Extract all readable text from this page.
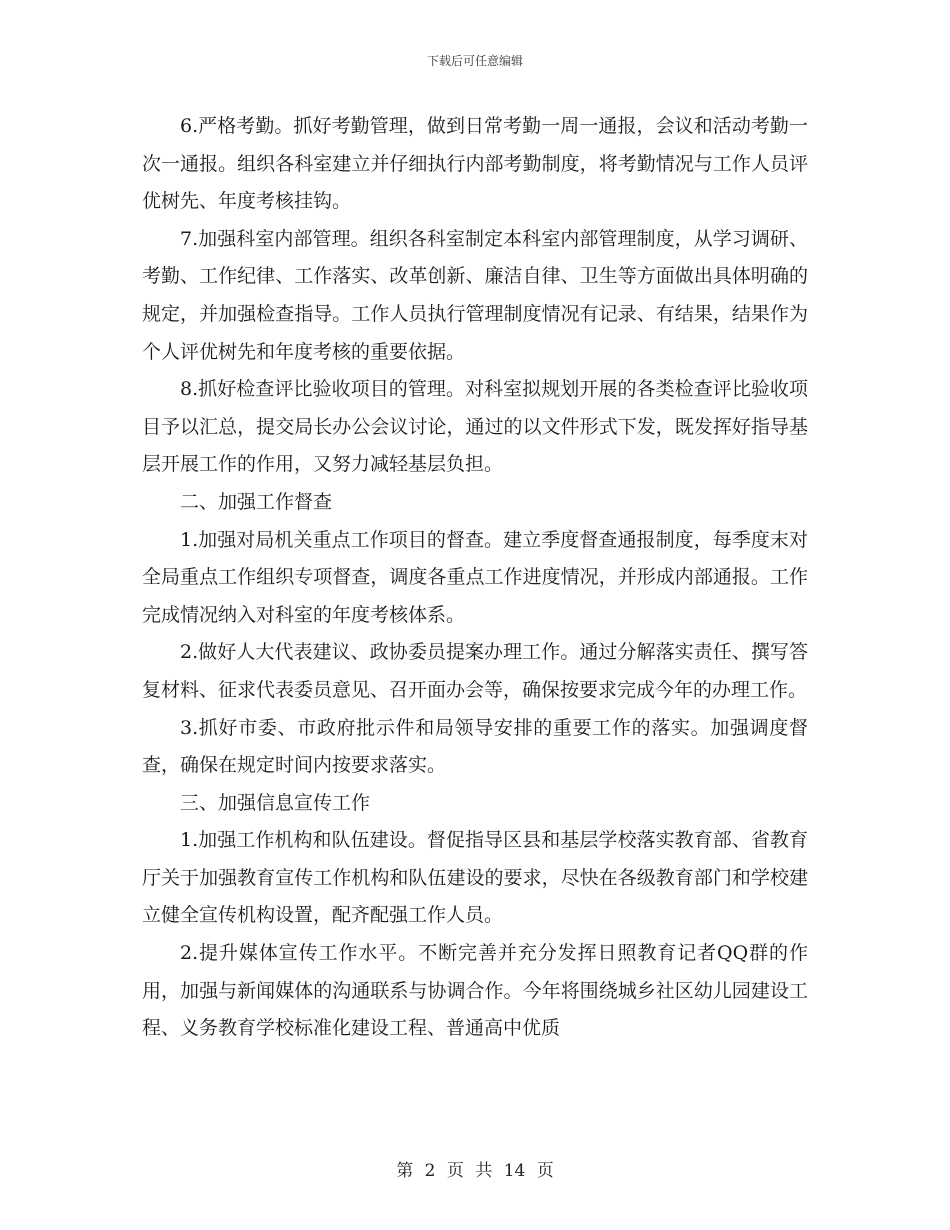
下载后可任意编辑

6.严格考勤。抓好考勤管理，做到日常考勤一周一通报，会议和活动考勤一次一通报。组织各科室建立并仔细执行内部考勤制度，将考勤情况与工作人员评优树先、年度考核挂钩。

7.加强科室内部管理。组织各科室制定本科室内部管理制度，从学习调研、考勤、工作纪律、工作落实、改革创新、廉洁自律、卫生等方面做出具体明确的规定，并加强检查指导。工作人员执行管理制度情况有记录、有结果，结果作为个人评优树先和年度考核的重要依据。

8.抓好检查评比验收项目的管理。对科室拟规划开展的各类检查评比验收项目予以汇总，提交局长办公会议讨论，通过的以文件形式下发，既发挥好指导基层开展工作的作用，又努力减轻基层负担。

二、加强工作督查

1.加强对局机关重点工作项目的督查。建立季度督查通报制度，每季度末对全局重点工作组织专项督查，调度各重点工作进度情况，并形成内部通报。工作完成情况纳入对科室的年度考核体系。

2.做好人大代表建议、政协委员提案办理工作。通过分解落实责任、撰写答复材料、征求代表委员意见、召开面办会等，确保按要求完成今年的办理工作。

3.抓好市委、市政府批示件和局领导安排的重要工作的落实。加强调度督查，确保在规定时间内按要求落实。

三、加强信息宣传工作

1.加强工作机构和队伍建设。督促指导区县和基层学校落实教育部、省教育厅关于加强教育宣传工作机构和队伍建设的要求，尽快在各级教育部门和学校建立健全宣传机构设置，配齐配强工作人员。

2.提升媒体宣传工作水平。不断完善并充分发挥日照教育记者QQ群的作用，加强与新闻媒体的沟通联系与协调合作。今年将围绕城乡社区幼儿园建设工程、义务教育学校标准化建设工程、普通高中优质

第 2 页 共 14 页
